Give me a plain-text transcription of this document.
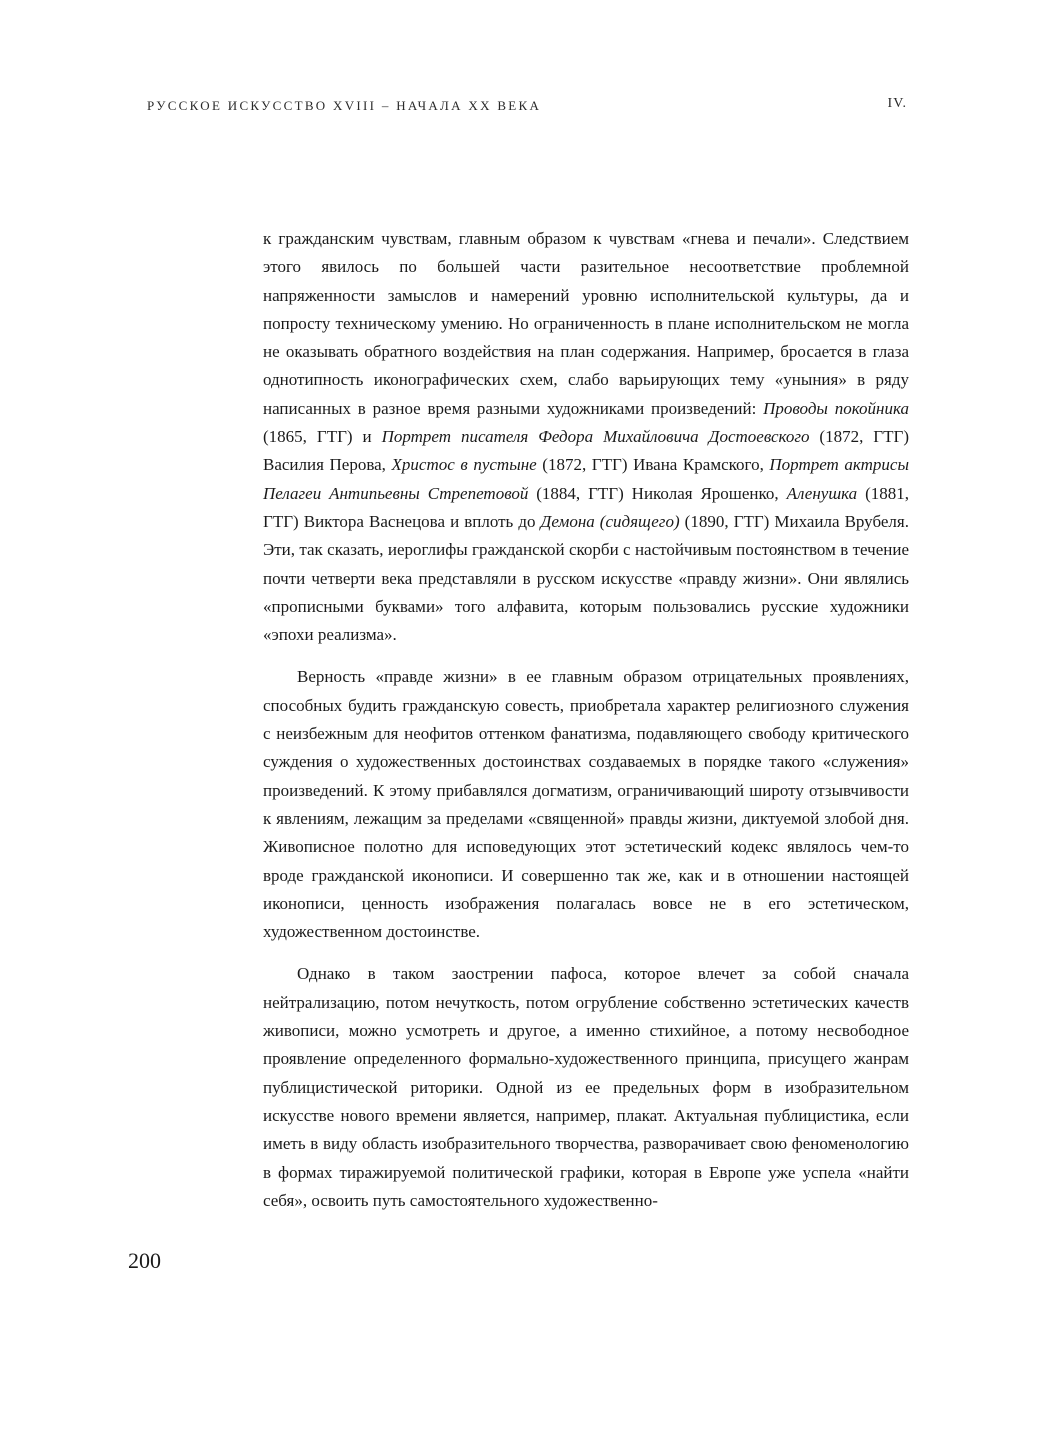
РУССКОЕ ИСКУССТВО XVIII – НАЧАЛА XX ВЕКА	IV.

к гражданским чувствам, главным образом к чувствам «гнева и печали». Следствием этого явилось по большей части разительное несоответствие проблемной напряженности замыслов и намерений уровню исполнительской культуры, да и попросту техническому умению. Но ограниченность в плане исполнительском не могла не оказывать обратного воздействия на план содержания. Например, бросается в глаза однотипность иконографических схем, слабо варьирующих тему «уныния» в ряду написанных в разное время разными художниками произведений: Проводы покойника (1865, ГТГ) и Портрет писателя Федора Михайловича Достоевского (1872, ГТГ) Василия Перова, Христос в пустыне (1872, ГТГ) Ивана Крамского, Портрет актрисы Пелагеи Антипьевны Стрепетовой (1884, ГТГ) Николая Ярошенко, Аленушка (1881, ГТГ) Виктора Васнецова и вплоть до Демона (сидящего) (1890, ГТГ) Михаила Врубеля. Эти, так сказать, иероглифы гражданской скорби с настойчивым постоянством в течение почти четверти века представляли в русском искусстве «правду жизни». Они являлись «прописными буквами» того алфавита, которым пользовались русские художники «эпохи реализма».

Верность «правде жизни» в ее главным образом отрицательных проявлениях, способных будить гражданскую совесть, приобретала характер религиозного служения с неизбежным для неофитов оттенком фанатизма, подавляющего свободу критического суждения о художественных достоинствах создаваемых в порядке такого «служения» произведений. К этому прибавлялся догматизм, ограничивающий широту отзывчивости к явлениям, лежащим за пределами «священной» правды жизни, диктуемой злобой дня. Живописное полотно для исповедующих этот эстетический кодекс являлось чем-то вроде гражданской иконописи. И совершенно так же, как и в отношении настоящей иконописи, ценность изображения полагалась вовсе не в его эстетическом, художественном достоинстве.

Однако в таком заострении пафоса, которое влечет за собой сначала нейтрализацию, потом нечуткость, потом огрубление собственно эстетических качеств живописи, можно усмотреть и другое, а именно стихийное, а потому несвободное проявление определенного формально-художественного принципа, присущего жанрам публицистической риторики. Одной из ее предельных форм в изобразительном искусстве нового времени является, например, плакат. Актуальная публицистика, если иметь в виду область изобразительного творчества, разворачивает свою феноменологию в формах тиражируемой политической графики, которая в Европе уже успела «найти себя», освоить путь самостоятельного художественно-

200
